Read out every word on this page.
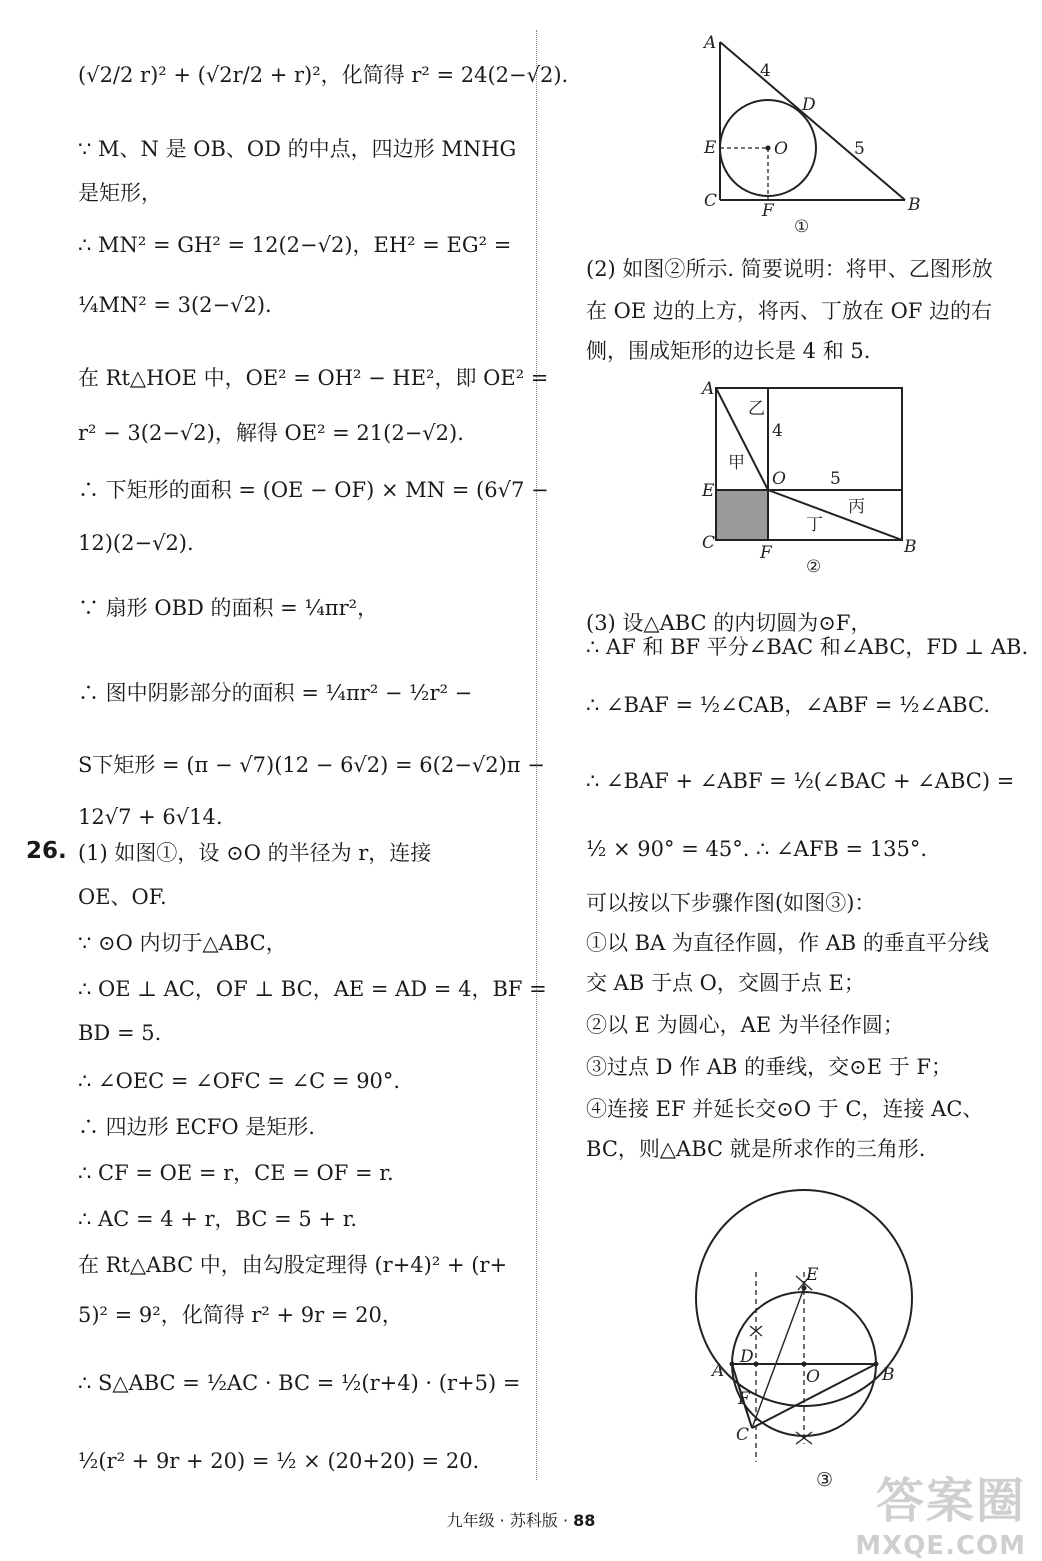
(√2/2 r)² + (√2r/2 + r)²，化简得 r² = 24(2−√2).
∵ M、N 是 OB、OD 的中点，四边形 MNHG
是矩形，
∴ MN² = GH² = 12(2−√2)，EH² = EG² =
¼MN² = 3(2−√2).
在 Rt△HOE 中，OE² = OH² − HE²，即 OE² =
r² − 3(2−√2)，解得 OE² = 21(2−√2).
∴ 下矩形的面积 = (OE − OF) × MN = (6√7 −
12)(2−√2).
∵ 扇形 OBD 的面积 = ¼πr²，
∴ 图中阴影部分的面积 = ¼πr² − ½r² −
S下矩形 = (π − √7)(12 − 6√2) = 6(2−√2)π −
12√7 + 6√14.
26. (1) 如图①，设 ⊙O 的半径为 r，连接
OE、OF.
∵ ⊙O 内切于△ABC，
∴ OE ⊥ AC，OF ⊥ BC，AE = AD = 4，BF =
BD = 5.
∴ ∠OEC = ∠OFC = ∠C = 90°.
∴ 四边形 ECFO 是矩形.
∴ CF = OE = r，CE = OF = r.
∴ AC = 4 + r，BC = 5 + r.
在 Rt△ABC 中，由勾股定理得 (r+4)² + (r+
5)² = 9²，化简得 r² + 9r = 20，
∴ S△ABC = ½AC · BC = ½(r+4) · (r+5) =
½(r² + 9r + 20) = ½ × (20+20) = 20.
A
E
C	F
O
D
B
4
5
①
(2) 如图②所示. 简要说明：将甲、乙图形放
在 OE 边的上方，将丙、丁放在 OF 边的右
侧，围成矩形的边长是 4 和 5.
(3) 设△ABC 的内切圆为⊙F，
∴ AF 和 BF 平分∠BAC 和∠ABC，FD ⊥ AB.
∴ ∠BAF = ½∠CAB，∠ABF = ½∠ABC.
∴ ∠BAF + ∠ABF = ½(∠BAC + ∠ABC) =
½ × 90° = 45°. ∴ ∠AFB = 135°.
可以按以下步骤作图(如图③)：
①以 BA 为直径作圆，作 AB 的垂直平分线
交 AB 于点 O，交圆于点 E；
②以 E 为圆心，AE 为半径作圆；
③过点 D 作 AB 的垂线，交⊙E 于 F；
④连接 EF 并延长交⊙O 于 C，连接 AC、
BC，则△ABC 就是所求作的三角形.
A
E
C	F
O
B
4
5
乙
甲
丙
丁
②
A	B
O
D
E
F
C
③
九年级 · 苏科版 · 88	答案圈
MXQE.COM
